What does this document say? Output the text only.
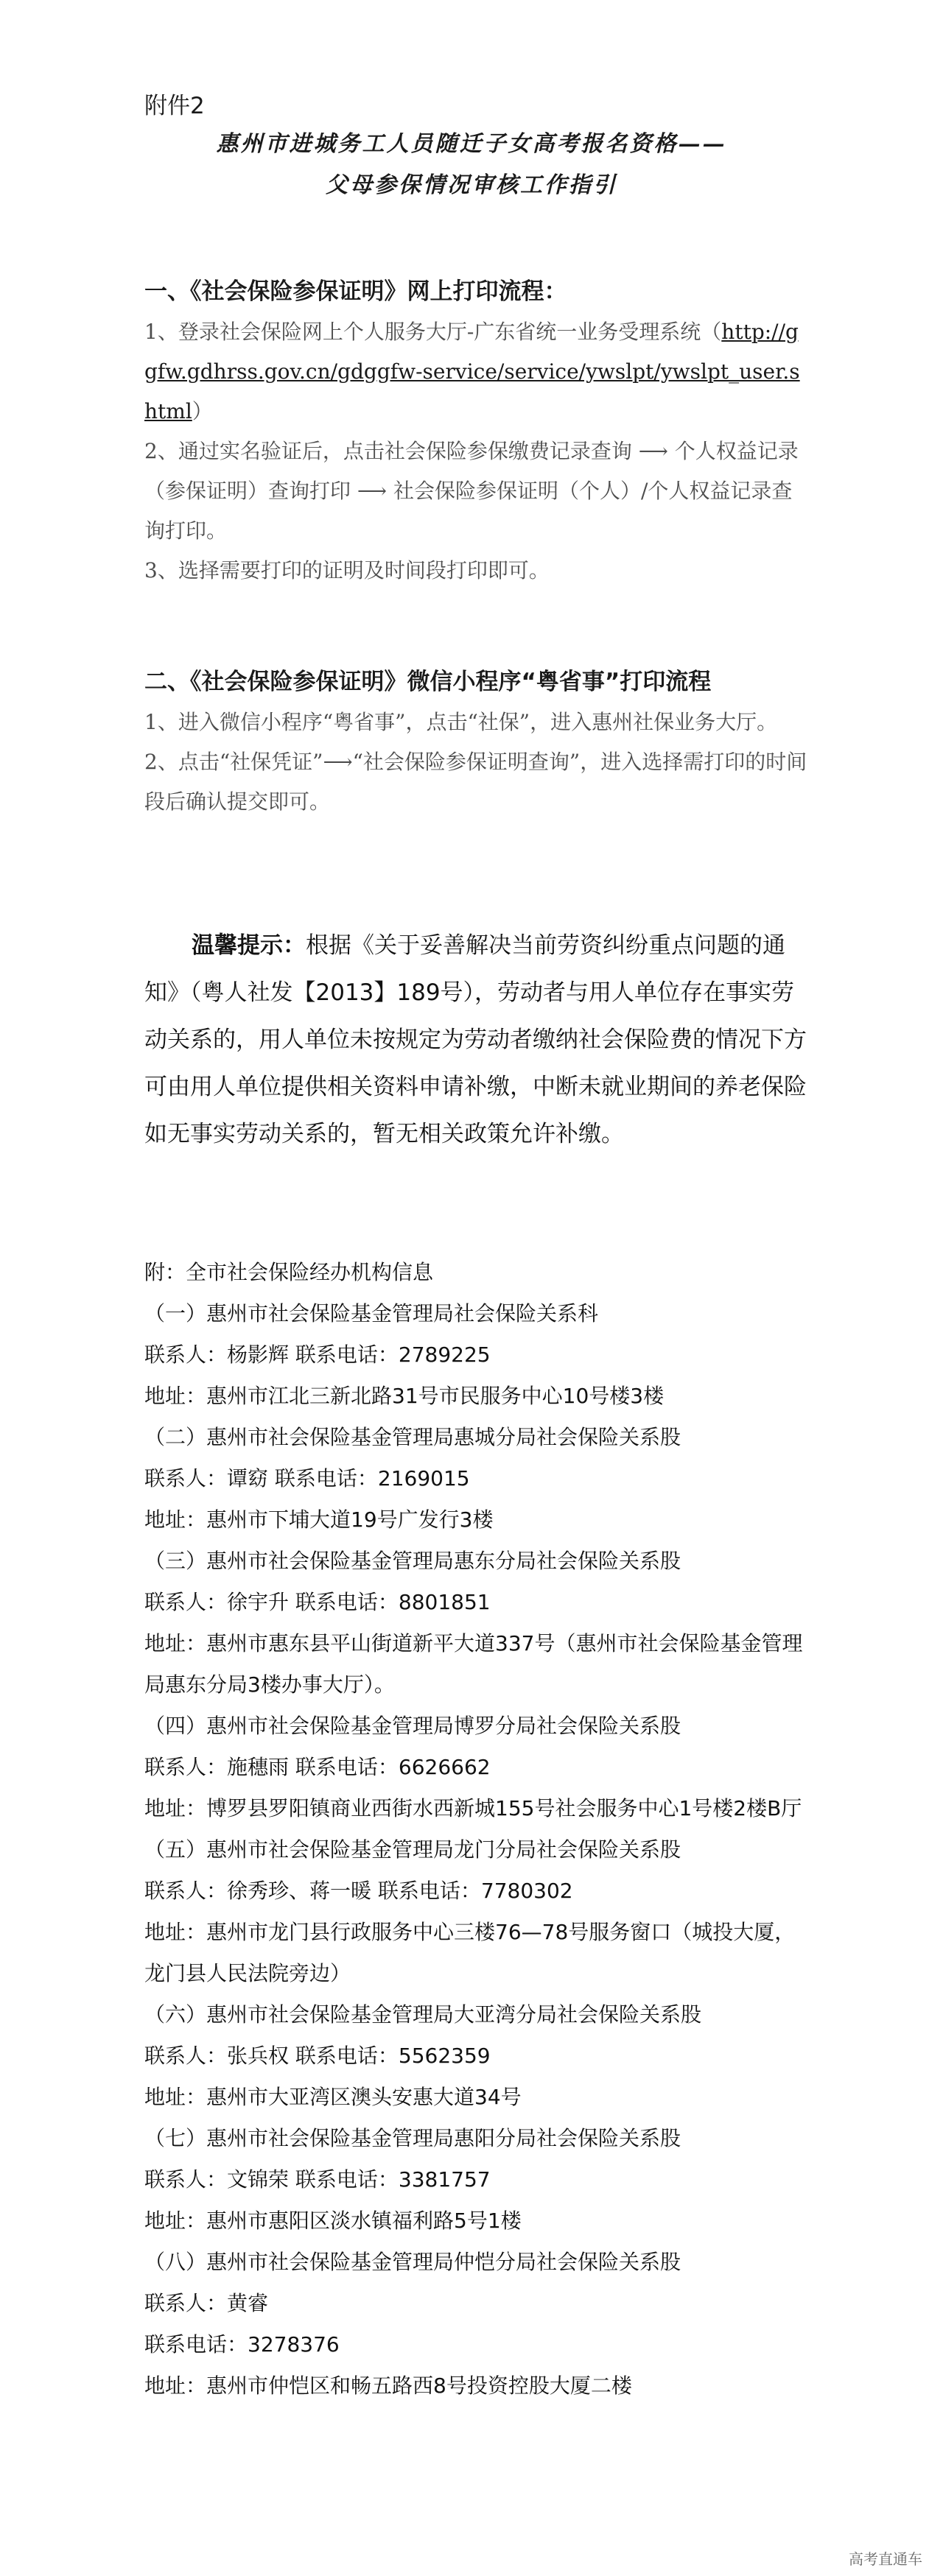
附件2

惠州市进城务工人员随迁子女高考报名资格——

父母参保情况审核工作指引

一、《社会保险参保证明》网上打印流程：

1、登录社会保险网上个人服务大厅-广东省统一业务受理系统（http://ggfw.gdhrss.gov.cn/gdggfw-service/service/ywslpt/ywslpt_user.shtml）
2、通过实名验证后，点击社会保险参保缴费记录查询 ⟶ 个人权益记录（参保证明）查询打印 ⟶ 社会保险参保证明（个人）/个人权益记录查询打印。
3、选择需要打印的证明及时间段打印即可。

二、《社会保险参保证明》微信小程序“粤省事”打印流程

1、进入微信小程序“粤省事”，点击“社保”，进入惠州社保业务大厅。
2、点击“社保凭证”⟶“社会保险参保证明查询”，进入选择需打印的时间段后确认提交即可。

温馨提示：根据《关于妥善解决当前劳资纠纷重点问题的通知》（粤人社发【2013】189号），劳动者与用人单位存在事实劳动关系的，用人单位未按规定为劳动者缴纳社会保险费的情况下方可由用人单位提供相关资料申请补缴，中断未就业期间的养老保险如无事实劳动关系的，暂无相关政策允许补缴。

附：全市社会保险经办机构信息
（一）惠州市社会保险基金管理局社会保险关系科
联系人：杨影辉 联系电话：2789225
地址：惠州市江北三新北路31号市民服务中心10号楼3楼
（二）惠州市社会保险基金管理局惠城分局社会保险关系股
联系人：谭窈 联系电话：2169015
地址：惠州市下埔大道19号广发行3楼
（三）惠州市社会保险基金管理局惠东分局社会保险关系股
联系人：徐宇升 联系电话：8801851
地址：惠州市惠东县平山街道新平大道337号（惠州市社会保险基金管理局惠东分局3楼办事大厅）。
（四）惠州市社会保险基金管理局博罗分局社会保险关系股
联系人：施穗雨 联系电话：6626662
地址：博罗县罗阳镇商业西街水西新城155号社会服务中心1号楼2楼B厅
（五）惠州市社会保险基金管理局龙门分局社会保险关系股
联系人：徐秀珍、蒋一暖 联系电话：7780302
地址：惠州市龙门县行政服务中心三楼76—78号服务窗口（城投大厦，龙门县人民法院旁边）
（六）惠州市社会保险基金管理局大亚湾分局社会保险关系股
联系人：张兵权 联系电话：5562359
地址：惠州市大亚湾区澳头安惠大道34号
（七）惠州市社会保险基金管理局惠阳分局社会保险关系股
联系人：文锦荣 联系电话：3381757
地址：惠州市惠阳区淡水镇福利路5号1楼
（八）惠州市社会保险基金管理局仲恺分局社会保险关系股
联系人：黄睿
联系电话：3278376
地址：惠州市仲恺区和畅五路西8号投资控股大厦二楼
高考直通车
